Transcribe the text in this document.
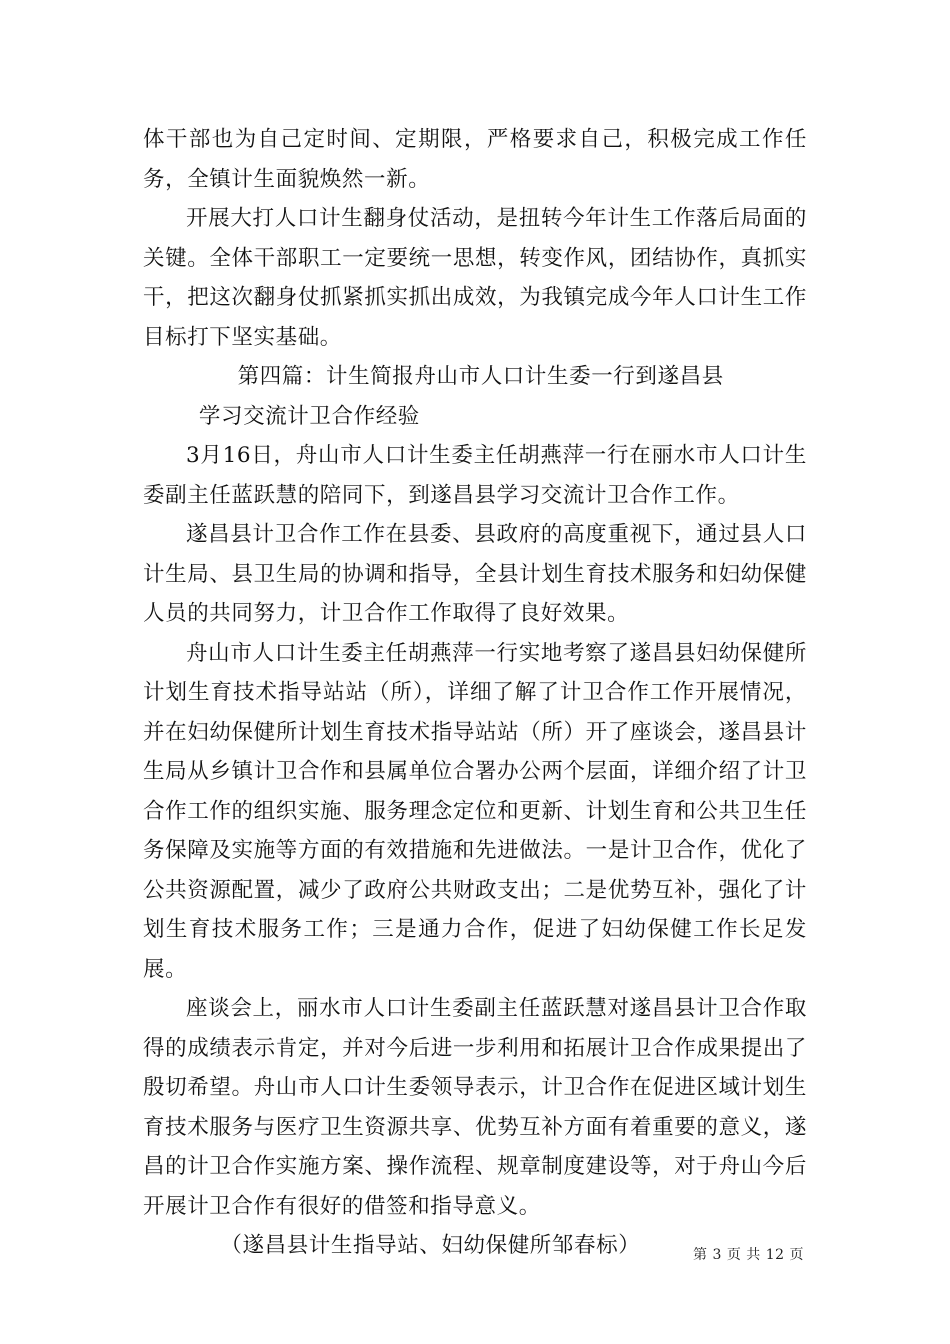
体干部也为自己定时间、定期限，严格要求自己，积极完成工作任务，全镇计生面貌焕然一新。

开展大打人口计生翻身仗活动，是扭转今年计生工作落后局面的关键。全体干部职工一定要统一思想，转变作风，团结协作，真抓实干，把这次翻身仗抓紧抓实抓出成效，为我镇完成今年人口计生工作目标打下坚实基础。

第四篇：计生简报舟山市人口计生委一行到遂昌县

学习交流计卫合作经验

3月16日，舟山市人口计生委主任胡燕萍一行在丽水市人口计生委副主任蓝跃慧的陪同下，到遂昌县学习交流计卫合作工作。

遂昌县计卫合作工作在县委、县政府的高度重视下，通过县人口计生局、县卫生局的协调和指导，全县计划生育技术服务和妇幼保健人员的共同努力，计卫合作工作取得了良好效果。

舟山市人口计生委主任胡燕萍一行实地考察了遂昌县妇幼保健所计划生育技术指导站站（所），详细了解了计卫合作工作开展情况，并在妇幼保健所计划生育技术指导站站（所）开了座谈会，遂昌县计生局从乡镇计卫合作和县属单位合署办公两个层面，详细介绍了计卫合作工作的组织实施、服务理念定位和更新、计划生育和公共卫生任务保障及实施等方面的有效措施和先进做法。一是计卫合作，优化了公共资源配置，减少了政府公共财政支出；二是优势互补，强化了计划生育技术服务工作；三是通力合作，促进了妇幼保健工作长足发展。

座谈会上，丽水市人口计生委副主任蓝跃慧对遂昌县计卫合作取得的成绩表示肯定，并对今后进一步利用和拓展计卫合作成果提出了殷切希望。舟山市人口计生委领导表示，计卫合作在促进区域计划生育技术服务与医疗卫生资源共享、优势互补方面有着重要的意义，遂昌的计卫合作实施方案、操作流程、规章制度建设等，对于舟山今后开展计卫合作有很好的借签和指导意义。

（遂昌县计生指导站、妇幼保健所邹春标）	第 3 页 共 12 页
